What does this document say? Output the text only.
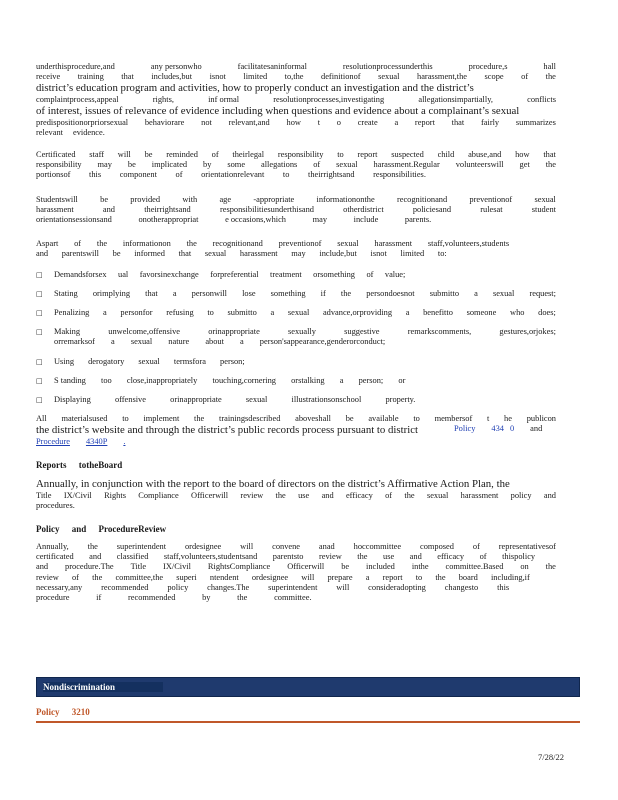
underthisprocedure,and	any personwho	facilitatesaninformal	resolutionprocessunderthis	procedure,s	hall
receive training that includes,but isnot limited to,the definitionof sexual harassment,the scope of the
district’s education program and activities, how to properly conduct an investigation and the district’s
complaintprocess,appeal	rights,	inf ormal	resolutionprocesses,investigating	allegationsimpartially,	conflicts
of interest, issues of relevance of evidence including when questions and evidence about a complainant’s sexual
predispositionorpriorsexual behaviorare not relevant,and how t o create a report that fairly summarizes
relevant evidence.
Certificated staff will be reminded of theirlegal responsibility to report suspected child abuse,and how that
responsibility may be implicated by some allegations of sexual harassment.Regular volunteerswill get the
portionsof this component of orientationrelevant to theirrightsand responsibilities.
Studentswill	be	provided	with	age	-appropriate	informationonthe	recognitionand	preventionof	sexual
harassment	and	theirrightsand	responsibilitiesunderthisand	otherdistrict	policiesand	rulesat	student
orientationsessionsand	onotherappropriat	e occasions,which	may	include	parents.
Aspart of the informationon the recognitionand preventionof sexual harassment staff,volunteers,students
and parentswill be informed that sexual harassment may include,but isnot limited to:
□	Demandsforsex ual favorsinexchange forpreferential treatment orsomething of value;
□	Stating orimplying that a personwill lose something if the persondoesnot submitto a sexual request;
□	Penalizing a personfor refusing to submitto a sexual advance,orproviding a benefitto someone who does;
□	Making	unwelcome,offensive	orinappropriate	sexually	suggestive	remarkscomments,	gestures,orjokes;
orremarksof a sexual nature about a person'sappearance,genderorconduct;
□	Using derogatory sexual termsfora person;
□	S tanding too close,inappropriately touching,cornering orstalking a person; or
□	Displaying	offensive	orinappropriate	sexual	illustrationsonschool	property.
All materialsused to implement the trainingsdescribed aboveshall be available to membersof t he publicon
the district’s website and through the district’s public records process pursuant to district	Policy 434 0 and
Procedure 4340P .
Reports totheBoard
Annually, in conjunction with the report to the board of directors on the district’s Affirmative Action Plan, the
Title IX/Civil Rights Compliance Officerwill review the use and efficacy of the sexual harassment policy and
procedures.
Policy and ProcedureReview
Annually, the superintendent ordesignee will convene anad hoccommittee composed of representativesof
certificated and classified staff,volunteers,studentsand parentsto review the use and efficacy of thispolicy
and procedure.The Title IX/Civil RightsCompliance Officerwill be included inthe committee.Based on the
review of the committee,the superi ntendent ordesignee will prepare a report to the board including,if
necessary,any recommended policy changes.The superintendent will consideradopting changesto this
procedure	if	recommended	by	the	committee.
Nondiscrimination
Policy 3210
7/28/22
